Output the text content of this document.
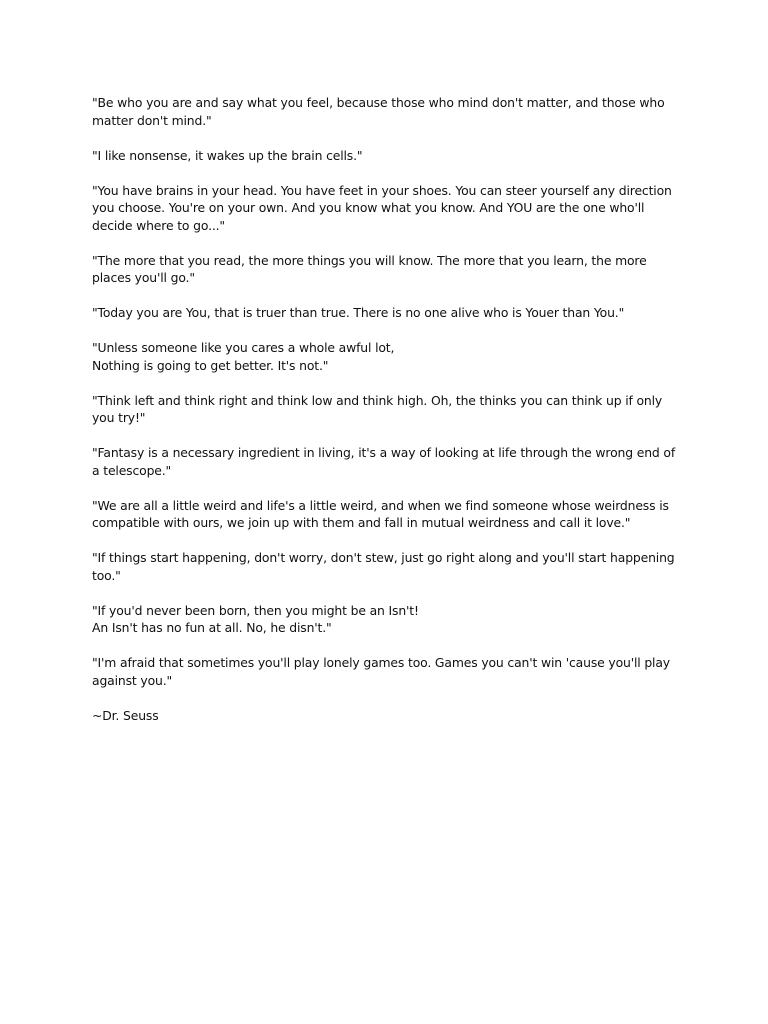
"Be who you are and say what you feel, because those who mind don't matter, and those who matter don't mind."

"I like nonsense, it wakes up the brain cells."

"You have brains in your head. You have feet in your shoes. You can steer yourself any direction you choose. You're on your own. And you know what you know. And YOU are the one who'll decide where to go..."

"The more that you read, the more things you will know. The more that you learn, the more places you'll go."

"Today you are You, that is truer than true. There is no one alive who is Youer than You."

"Unless someone like you cares a whole awful lot,
Nothing is going to get better. It's not."

"Think left and think right and think low and think high. Oh, the thinks you can think up if only you try!"

"Fantasy is a necessary ingredient in living, it's a way of looking at life through the wrong end of a telescope."

"We are all a little weird and life's a little weird, and when we find someone whose weirdness is compatible with ours, we join up with them and fall in mutual weirdness and call it love."

"If things start happening, don't worry, don't stew, just go right along and you'll start happening too."

"If you'd never been born, then you might be an Isn't!
An Isn't has no fun at all. No, he disn't."

"I'm afraid that sometimes you'll play lonely games too. Games you can't win 'cause you'll play against you."

~Dr. Seuss
